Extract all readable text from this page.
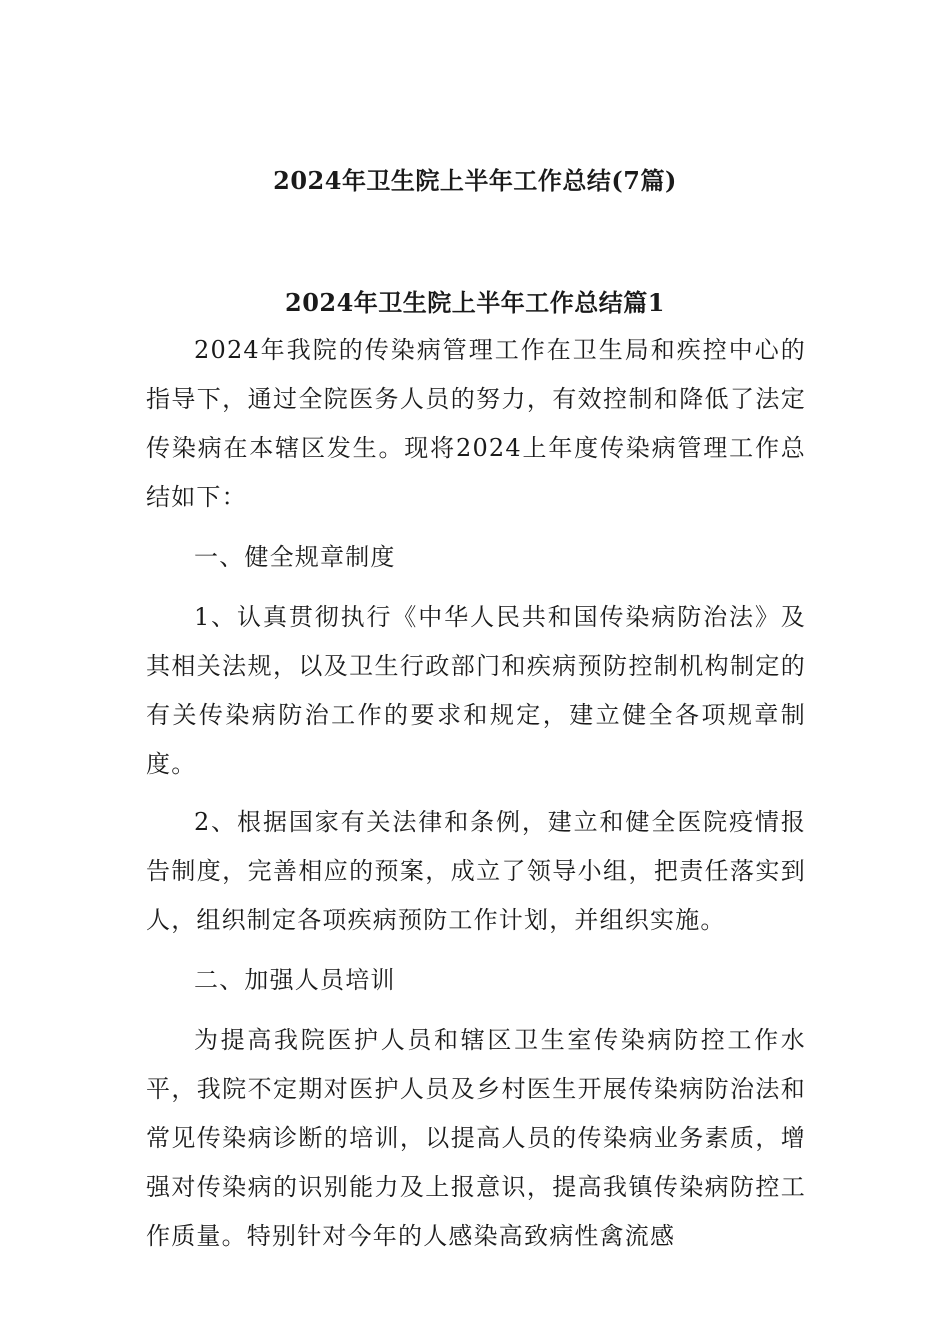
2024年卫生院上半年工作总结(7篇)
2024年卫生院上半年工作总结篇1

2024年我院的传染病管理工作在卫生局和疾控中心的指导下，通过全院医务人员的努力，有效控制和降低了法定传染病在本辖区发生。现将2024上年度传染病管理工作总结如下：

一、健全规章制度

1、认真贯彻执行《中华人民共和国传染病防治法》及其相关法规，以及卫生行政部门和疾病预防控制机构制定的有关传染病防治工作的要求和规定，建立健全各项规章制度。

2、根据国家有关法律和条例，建立和健全医院疫情报告制度，完善相应的预案，成立了领导小组，把责任落实到人，组织制定各项疾病预防工作计划，并组织实施。

二、加强人员培训

为提高我院医护人员和辖区卫生室传染病防控工作水平，我院不定期对医护人员及乡村医生开展传染病防治法和常见传染病诊断的培训，以提高人员的传染病业务素质，增强对传染病的识别能力及上报意识，提高我镇传染病防控工作质量。特别针对今年的人感染高致病性禽流感
